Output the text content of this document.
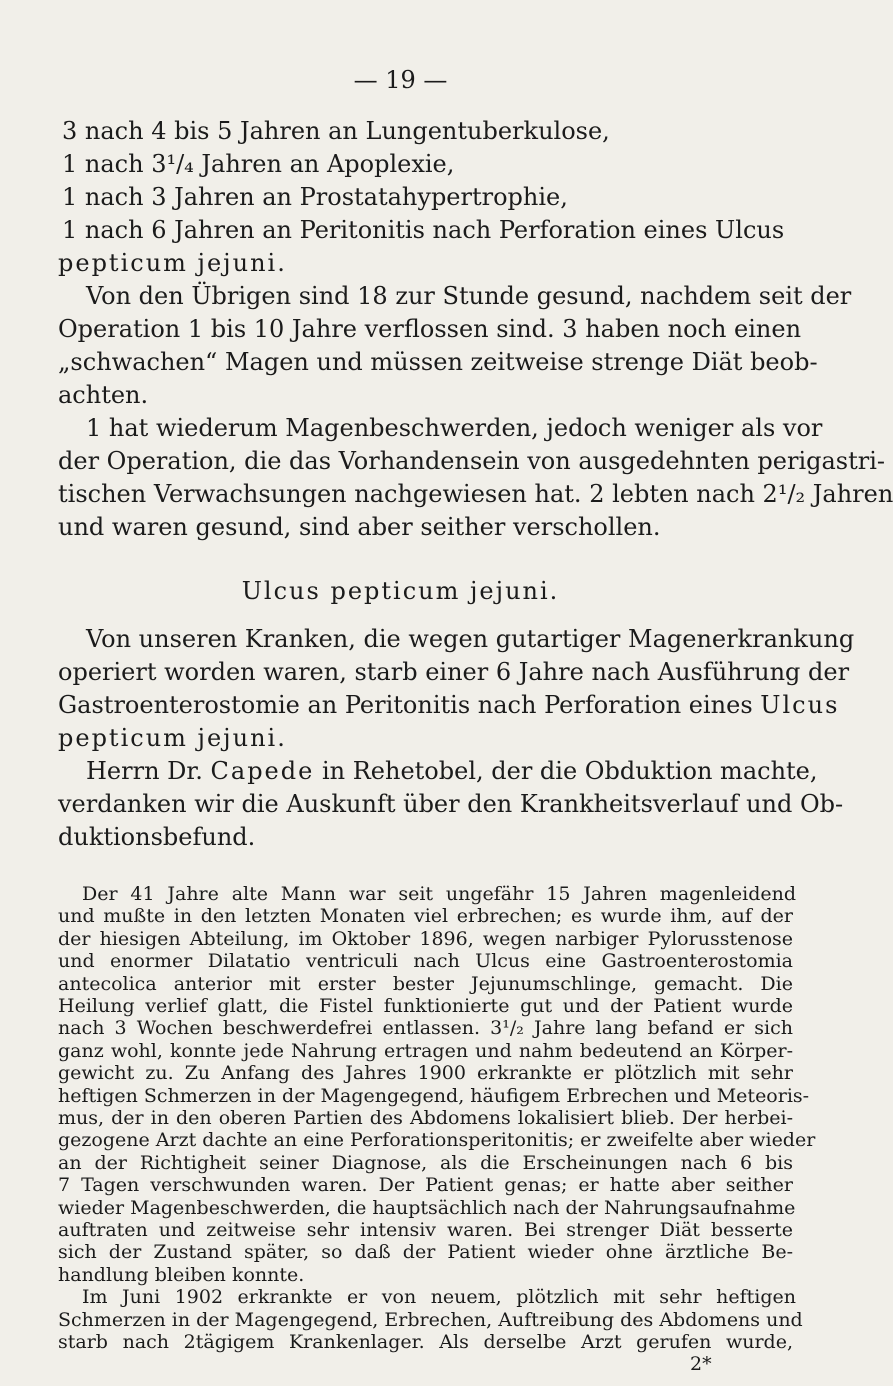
— 19 —
3 nach 4 bis 5 Jahren an Lungentuberkulose,
1 nach 3¹/₄ Jahren an Apoplexie,
1 nach 3 Jahren an Prostatahypertrophie,
1 nach 6 Jahren an Peritonitis nach Perforation eines Ulcus
pepticum jejuni.
Von den Übrigen sind 18 zur Stunde gesund, nachdem seit der
Operation 1 bis 10 Jahre verflossen sind. 3 haben noch einen
„schwachen“ Magen und müssen zeitweise strenge Diät beob-
achten.
1 hat wiederum Magenbeschwerden, jedoch weniger als vor
der Operation, die das Vorhandensein von ausgedehnten perigastri-
tischen Verwachsungen nachgewiesen hat. 2 lebten nach 2¹/₂ Jahren
und waren gesund, sind aber seither verschollen.
Ulcus pepticum jejuni.
Von unseren Kranken, die wegen gutartiger Magenerkrankung
operiert worden waren, starb einer 6 Jahre nach Ausführung der
Gastroenterostomie an Peritonitis nach Perforation eines Ulcus
pepticum jejuni.
Herrn Dr. Capede in Rehetobel, der die Obduktion machte,
verdanken wir die Auskunft über den Krankheitsverlauf und Ob-
duktionsbefund.
Der 41 Jahre alte Mann war seit ungefähr 15 Jahren magenleidend
und mußte in den letzten Monaten viel erbrechen; es wurde ihm, auf der
der hiesigen Abteilung, im Oktober 1896, wegen narbiger Pylorusstenose
und enormer Dilatatio ventriculi nach Ulcus eine Gastroenterostomia
antecolica anterior mit erster bester Jejunumschlinge, gemacht. Die
Heilung verlief glatt, die Fistel funktionierte gut und der Patient wurde
nach 3 Wochen beschwerdefrei entlassen. 3¹/₂ Jahre lang befand er sich
ganz wohl, konnte jede Nahrung ertragen und nahm bedeutend an Körper-
gewicht zu. Zu Anfang des Jahres 1900 erkrankte er plötzlich mit sehr
heftigen Schmerzen in der Magengegend, häufigem Erbrechen und Meteoris-
mus, der in den oberen Partien des Abdomens lokalisiert blieb. Der herbei-
gezogene Arzt dachte an eine Perforationsperitonitis; er zweifelte aber wieder
an der Richtigheit seiner Diagnose, als die Erscheinungen nach 6 bis
7 Tagen verschwunden waren. Der Patient genas; er hatte aber seither
wieder Magenbeschwerden, die hauptsächlich nach der Nahrungsaufnahme
auftraten und zeitweise sehr intensiv waren. Bei strenger Diät besserte
sich der Zustand später, so daß der Patient wieder ohne ärztliche Be-
handlung bleiben konnte.
Im Juni 1902 erkrankte er von neuem, plötzlich mit sehr heftigen
Schmerzen in der Magengegend, Erbrechen, Auftreibung des Abdomens und
starb nach 2tägigem Krankenlager. Als derselbe Arzt gerufen wurde,
2*
